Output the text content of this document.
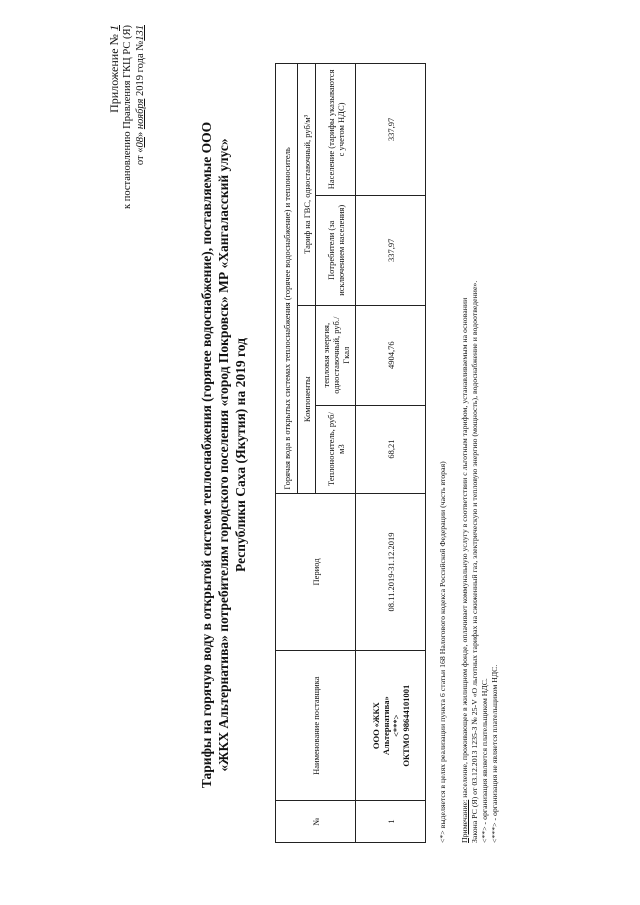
Приложение № 1 к постановлению Правления ГКЦ РС (Я) от «08» ноября 2019 года №131
Тарифы на горячую воду в открытой системе теплоснабжения (горячее водоснабжение), поставляемые ООО «ЖКХ Альтернатива» потребителям городского поселения «город Покровск» МР «Хангаласский улус» Республики Саха (Якутия) на 2019 год
№	Наименование поставщика	Период	Горячая вода в открытых системах теплоснабжения (горячее водоснабжение) и теплоноситель			
			Компоненты		Тариф на ГВС, одноставочный, руб/м³	
			Теплоноситель, руб/м3	тепловая энергия, одноставочный, руб./Гкал	Потребители (за исключением населения)	Население (тарифы указываются с учетом НДС)
1	ООО «ЖКХ Альтернатива» <***> ОКТМО 98644101001	08.11.2019-31.12.2019	68,21	4904,76	337,97	337,97

<*> выделяется в целях реализации пункта 6 статьи 168 Налогового кодекса Российской Федерации (часть вторая) Примечание: население, проживающее в жилищном фонде, оплачивает коммунальную услугу в соответствии с льготным тарифом, устанавливаемым на основании Закона РС (Я) от 03.12.2013 1235-З № 25-V «О льготных тарифах на сжиженный газ, электрическую и тепловую энергию (мощность), водоснабжение и водоотведение». <**> - организация является плательщиком НДС. <***> - организация не является плательщиком НДС.
